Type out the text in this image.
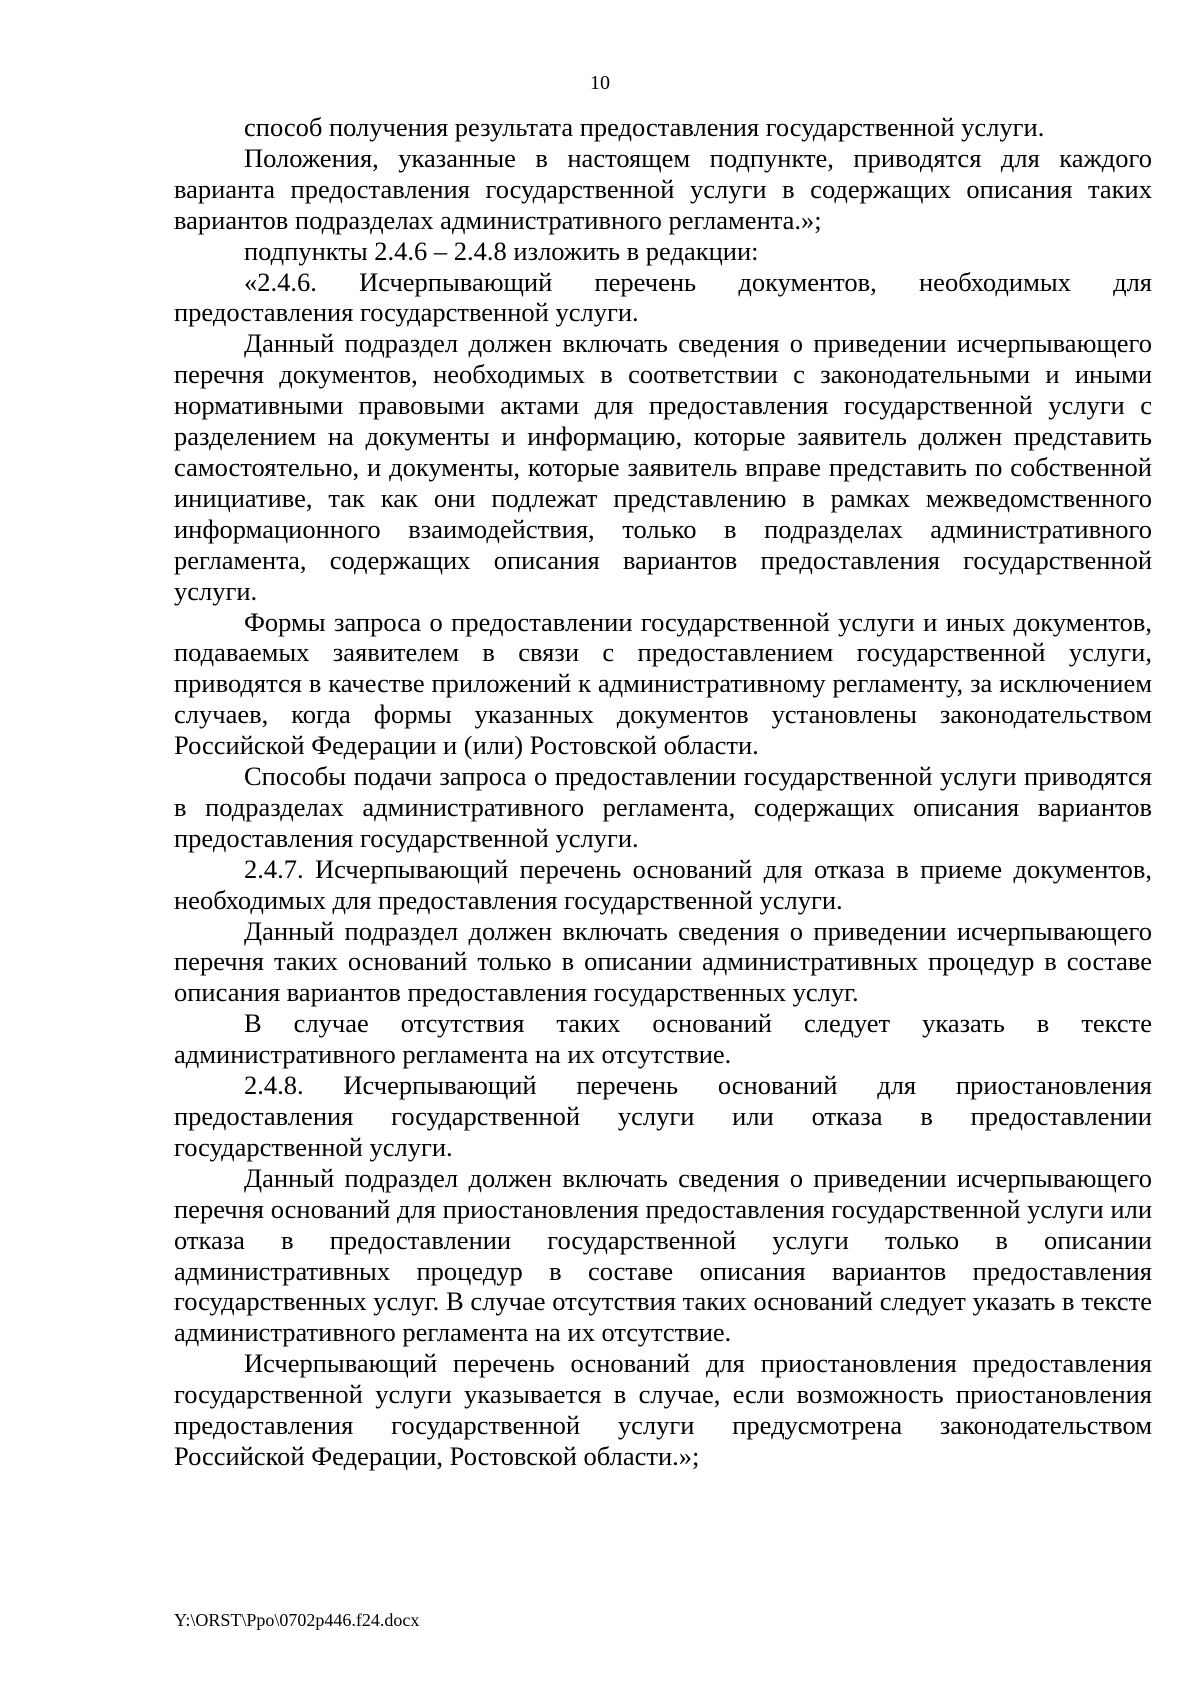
10

способ получения результата предоставления государственной услуги.

Положения, указанные в настоящем подпункте, приводятся для каждого варианта предоставления государственной услуги в содержащих описания таких вариантов подразделах административного регламента.»;

подпункты 2.4.6 – 2.4.8 изложить в редакции:

«2.4.6. Исчерпывающий перечень документов, необходимых для предоставления государственной услуги.

Данный подраздел должен включать сведения о приведении исчерпывающего перечня документов, необходимых в соответствии с законодательными и иными нормативными правовыми актами для предоставления государственной услуги с разделением на документы и информацию, которые заявитель должен представить самостоятельно, и документы, которые заявитель вправе представить по собственной инициативе, так как они подлежат представлению в рамках межведомственного информационного взаимодействия, только в подразделах административного регламента, содержащих описания вариантов предоставления государственной услуги.

Формы запроса о предоставлении государственной услуги и иных документов, подаваемых заявителем в связи с предоставлением государственной услуги, приводятся в качестве приложений к административному регламенту, за исключением случаев, когда формы указанных документов установлены законодательством Российской Федерации и (или) Ростовской области.

Способы подачи запроса о предоставлении государственной услуги приводятся в подразделах административного регламента, содержащих описания вариантов предоставления государственной услуги.

2.4.7. Исчерпывающий перечень оснований для отказа в приеме документов, необходимых для предоставления государственной услуги.

Данный подраздел должен включать сведения о приведении исчерпывающего перечня таких оснований только в описании административных процедур в составе описания вариантов предоставления государственных услуг.

В случае отсутствия таких оснований следует указать в тексте административного регламента на их отсутствие.

2.4.8. Исчерпывающий перечень оснований для приостановления предоставления государственной услуги или отказа в предоставлении государственной услуги.

Данный подраздел должен включать сведения о приведении исчерпывающего перечня оснований для приостановления предоставления государственной услуги или отказа в предоставлении государственной услуги только в описании административных процедур в составе описания вариантов предоставления государственных услуг. В случае отсутствия таких оснований следует указать в тексте административного регламента на их отсутствие.

Исчерпывающий перечень оснований для приостановления предоставления государственной услуги указывается в случае, если возможность приостановления предоставления государственной услуги предусмотрена законодательством Российской Федерации, Ростовской области.»;

Y:\ORST\Ppo\0702p446.f24.docx
